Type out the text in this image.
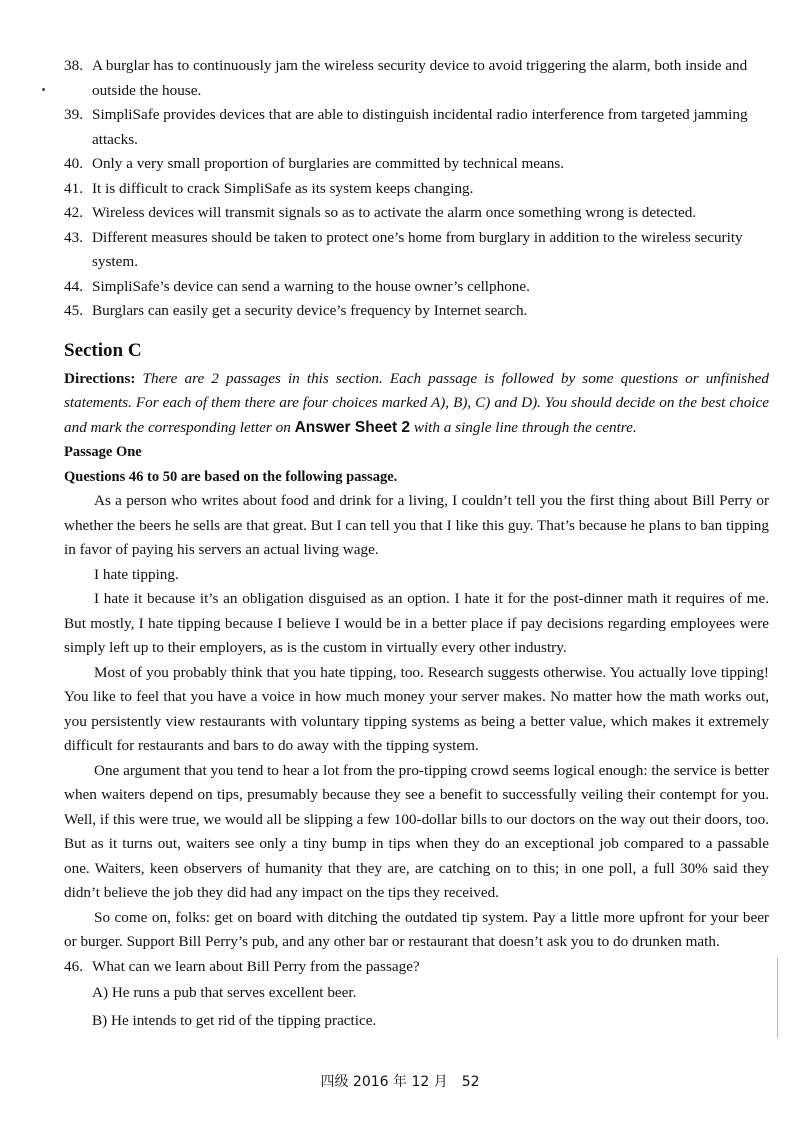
38. A burglar has to continuously jam the wireless security device to avoid triggering the alarm, both inside and outside the house.

39. SimpliSafe provides devices that are able to distinguish incidental radio interference from targeted jamming attacks.

40. Only a very small proportion of burglaries are committed by technical means.

41. It is difficult to crack SimpliSafe as its system keeps changing.

42. Wireless devices will transmit signals so as to activate the alarm once something wrong is detected.

43. Different measures should be taken to protect one’s home from burglary in addition to the wireless security system.

44. SimpliSafe’s device can send a warning to the house owner’s cellphone.

45. Burglars can easily get a security device’s frequency by Internet search.

Section C

Directions: There are 2 passages in this section. Each passage is followed by some questions or unfinished statements. For each of them there are four choices marked A), B), C) and D). You should decide on the best choice and mark the corresponding letter on Answer Sheet 2 with a single line through the centre.

Passage One

Questions 46 to 50 are based on the following passage.

As a person who writes about food and drink for a living, I couldn’t tell you the first thing about Bill Perry or whether the beers he sells are that great. But I can tell you that I like this guy. That’s because he plans to ban tipping in favor of paying his servers an actual living wage.

I hate tipping.

I hate it because it’s an obligation disguised as an option. I hate it for the post-dinner math it requires of me. But mostly, I hate tipping because I believe I would be in a better place if pay decisions regarding employees were simply left up to their employers, as is the custom in virtually every other industry.

Most of you probably think that you hate tipping, too. Research suggests otherwise. You actually love tipping! You like to feel that you have a voice in how much money your server makes. No matter how the math works out, you persistently view restaurants with voluntary tipping systems as being a better value, which makes it extremely difficult for restaurants and bars to do away with the tipping system.

One argument that you tend to hear a lot from the pro-tipping crowd seems logical enough: the service is better when waiters depend on tips, presumably because they see a benefit to successfully veiling their contempt for you. Well, if this were true, we would all be slipping a few 100-dollar bills to our doctors on the way out their doors, too. But as it turns out, waiters see only a tiny bump in tips when they do an exceptional job compared to a passable one. Waiters, keen observers of humanity that they are, are catching on to this; in one poll, a full 30% said they didn’t believe the job they did had any impact on the tips they received.

So come on, folks: get on board with ditching the outdated tip system. Pay a little more upfront for your beer or burger. Support Bill Perry’s pub, and any other bar or restaurant that doesn’t ask you to do drunken math.

46. What can we learn about Bill Perry from the passage?

A) He runs a pub that serves excellent beer.

B) He intends to get rid of the tipping practice.

四级 2016 年 12 月　52
